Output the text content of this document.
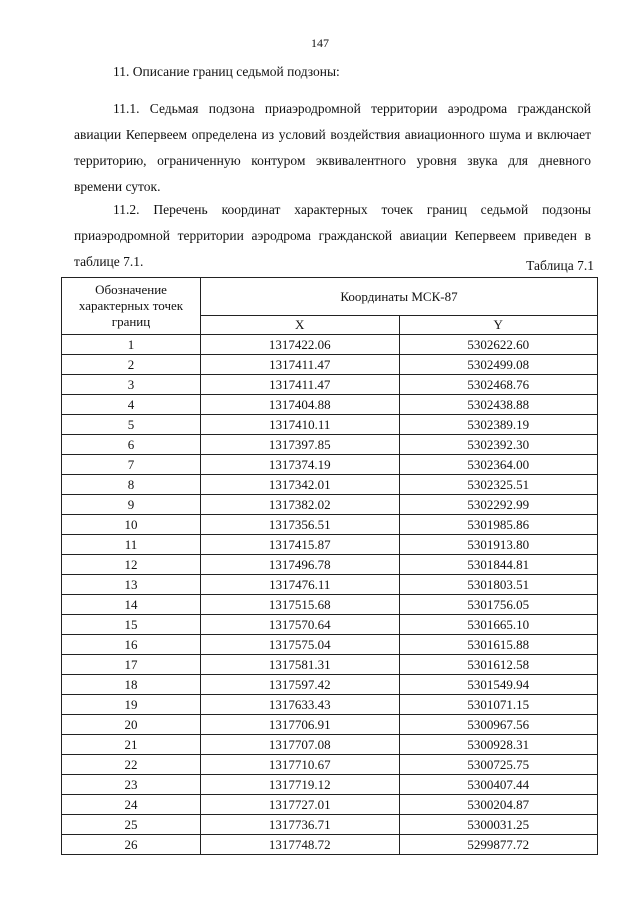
147
11. Описание границ седьмой подзоны:

11.1. Седьмая подзона приаэродромной территории аэродрома гражданской авиации Кепервеем определена из условий воздействия авиационного шума и включает территорию, ограниченную контуром эквивалентного уровня звука для дневного времени суток.

11.2. Перечень координат характерных точек границ седьмой подзоны приаэродромной территории аэродрома гражданской авиации Кепервеем приведен в таблице 7.1.	Таблица 7.1
Обозначение характерных точек границ	Координаты МСК-87	
	X	Y
1	1317422.06	5302622.60
2	1317411.47	5302499.08
3	1317411.47	5302468.76
4	1317404.88	5302438.88
5	1317410.11	5302389.19
6	1317397.85	5302392.30
7	1317374.19	5302364.00
8	1317342.01	5302325.51
9	1317382.02	5302292.99
10	1317356.51	5301985.86
11	1317415.87	5301913.80
12	1317496.78	5301844.81
13	1317476.11	5301803.51
14	1317515.68	5301756.05
15	1317570.64	5301665.10
16	1317575.04	5301615.88
17	1317581.31	5301612.58
18	1317597.42	5301549.94
19	1317633.43	5301071.15
20	1317706.91	5300967.56
21	1317707.08	5300928.31
22	1317710.67	5300725.75
23	1317719.12	5300407.44
24	1317727.01	5300204.87
25	1317736.71	5300031.25
26	1317748.72	5299877.72
